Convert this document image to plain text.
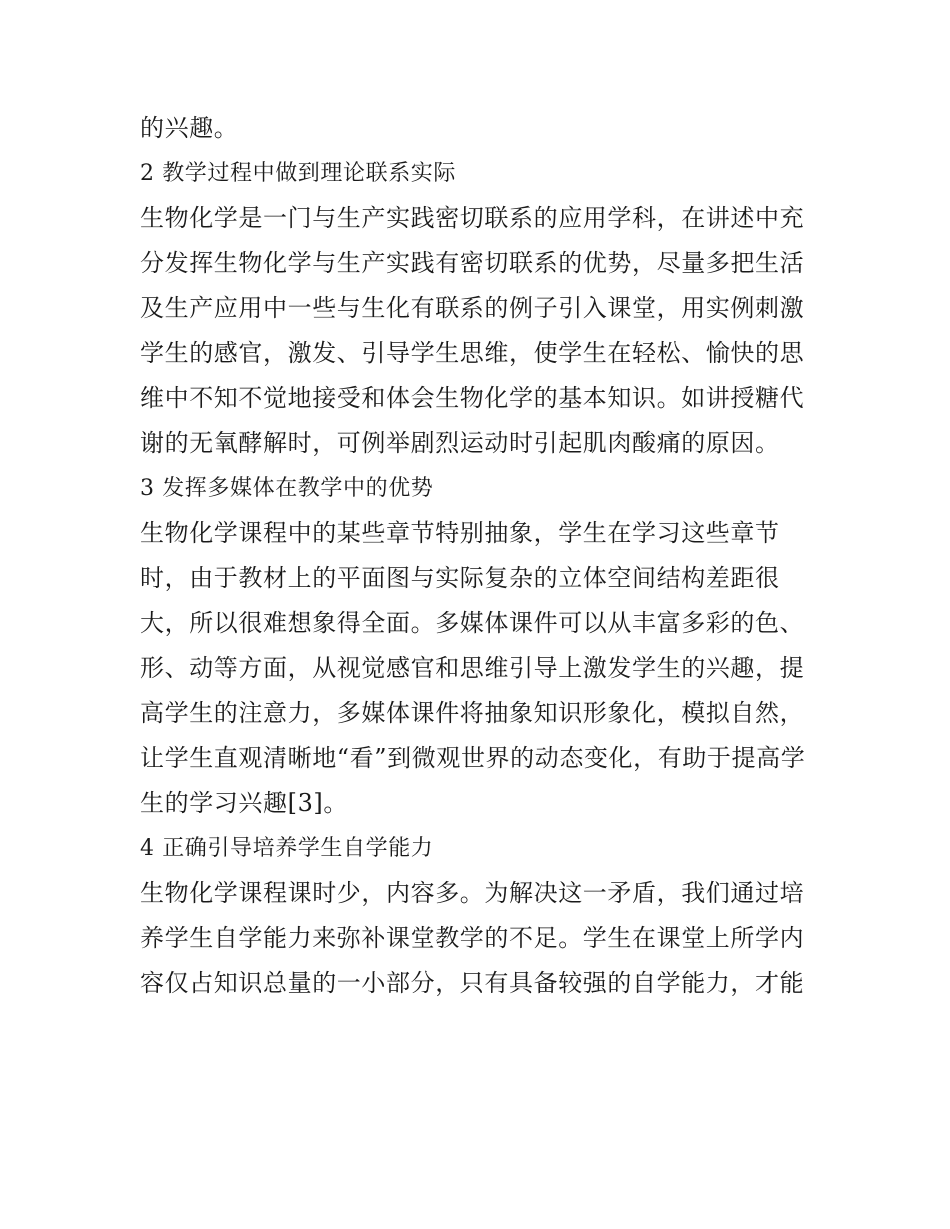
的兴趣。

2 教学过程中做到理论联系实际

生物化学是一门与生产实践密切联系的应用学科，在讲述中充分发挥生物化学与生产实践有密切联系的优势，尽量多把生活及生产应用中一些与生化有联系的例子引入课堂，用实例刺激学生的感官，激发、引导学生思维，使学生在轻松、愉快的思维中不知不觉地接受和体会生物化学的基本知识。如讲授糖代谢的无氧酵解时，可例举剧烈运动时引起肌肉酸痛的原因。

3 发挥多媒体在教学中的优势

生物化学课程中的某些章节特别抽象，学生在学习这些章节时，由于教材上的平面图与实际复杂的立体空间结构差距很大，所以很难想象得全面。多媒体课件可以从丰富多彩的色、形、动等方面，从视觉感官和思维引导上激发学生的兴趣，提高学生的注意力，多媒体课件将抽象知识形象化，模拟自然，让学生直观清晰地“看”到微观世界的动态变化，有助于提高学生的学习兴趣[3]。

4 正确引导培养学生自学能力

生物化学课程课时少，内容多。为解决这一矛盾，我们通过培养学生自学能力来弥补课堂教学的不足。学生在课堂上所学内容仅占知识总量的一小部分，只有具备较强的自学能力，才能
